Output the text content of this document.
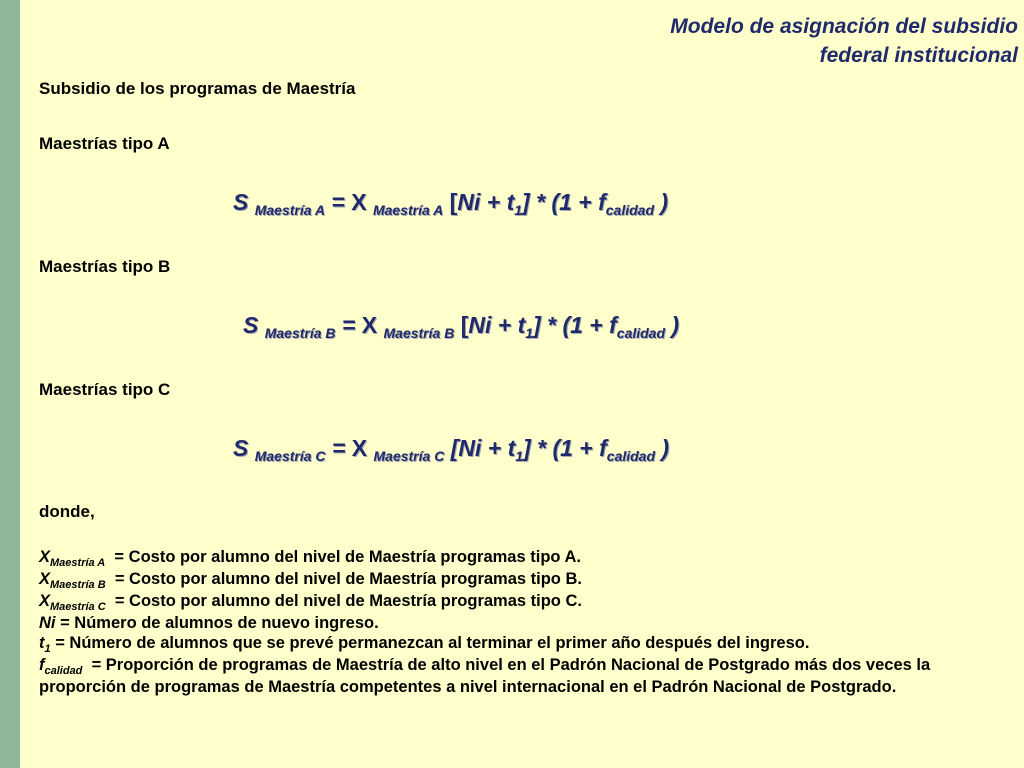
Modelo de asignación del subsidio
federal institucional
Subsidio de los programas de Maestría
Maestrías tipo A
S $_{Maestría A}$ = X $_{Maestría A}$ $[Ni + t_1] * (1 + f_{calidad}$ )
Maestrías tipo B
S $_{Maestría B}$ = X $_{Maestría B}$ $[Ni + t_1] * (1 + f_{calidad}$ )
Maestrías tipo C
S $_{Maestría C}$ = X $_{Maestría C}$ $[Ni + t_1] * (1 + f_{calidad}$ )
donde,
$X_{Maestría A}$  = Costo por alumno del nivel de Maestría programas tipo A.
$X_{Maestría B}$  = Costo por alumno del nivel de Maestría programas tipo B.
$X_{Maestría C}$  = Costo por alumno del nivel de Maestría programas tipo C.
Ni = Número de alumnos de nuevo ingreso.
$t_1$ = Número de alumnos que se prevé permanezcan al terminar el primer año después del ingreso.
$f_{calidad}$  = Proporción de programas de Maestría de alto nivel en el Padrón Nacional de Postgrado más dos veces la proporción de programas de Maestría competentes a nivel internacional en el Padrón Nacional de Postgrado.
